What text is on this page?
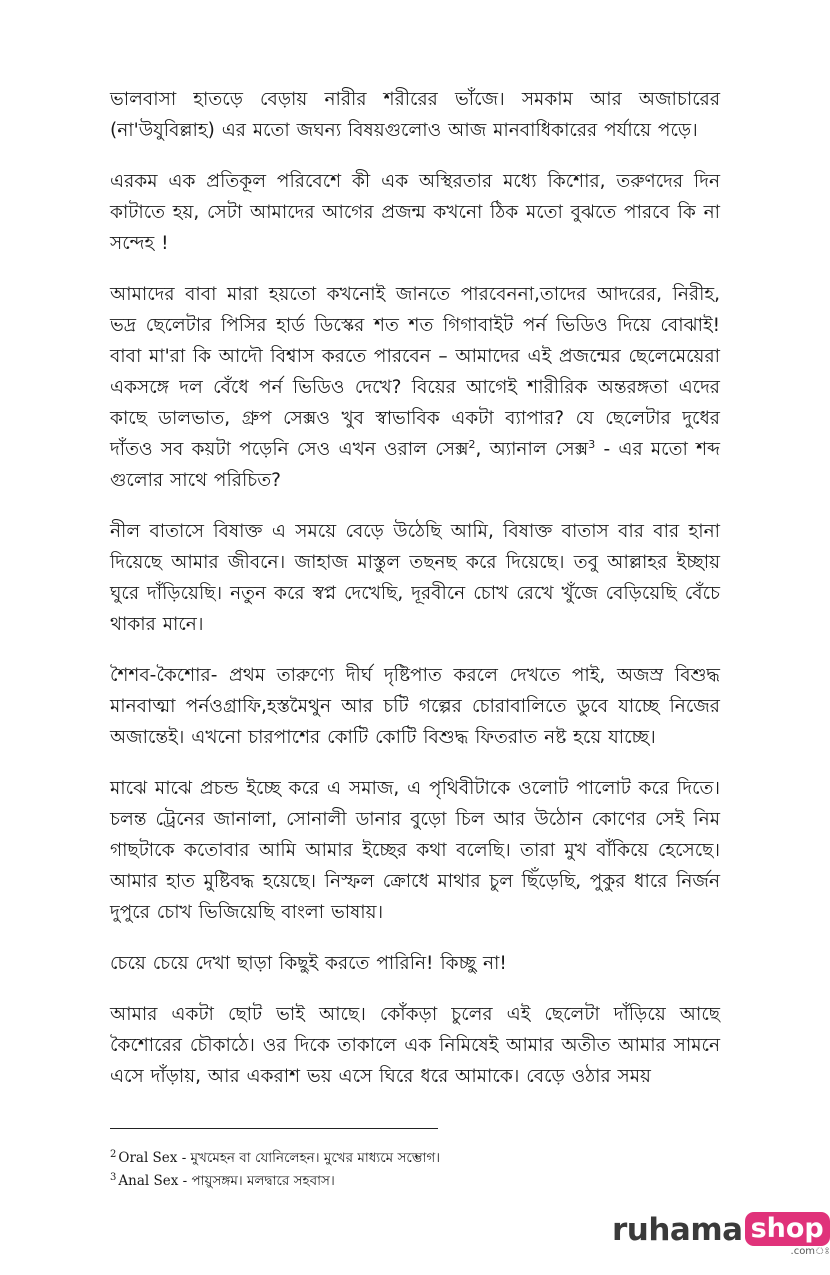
ভালবাসা হাতড়ে বেড়ায় নারীর শরীরের ভাঁজে। সমকাম আর অজাচারের (না'উযুবিল্লাহ) এর মতো জঘন্য বিষয়গুলোও আজ মানবাধিকারের পর্যায়ে পড়ে।

এরকম এক প্রতিকূল পরিবেশে কী এক অস্থিরতার মধ্যে কিশোর, তরুণদের দিন কাটাতে হয়, সেটা আমাদের আগের প্রজন্ম কখনো ঠিক মতো বুঝতে পারবে কি না সন্দেহ !

আমাদের বাবা মারা হয়তো কখনোই জানতে পারবেননা,তাদের আদরের, নিরীহ, ভদ্র ছেলেটার পিসির হার্ড ডিস্কের শত শত গিগাবাইট পর্ন ভিডিও দিয়ে বোঝাই! বাবা মা'রা কি আদৌ বিশ্বাস করতে পারবেন – আমাদের এই প্রজন্মের ছেলেমেয়েরা একসঙ্গে দল বেঁধে পর্ন ভিডিও দেখে? বিয়ের আগেই শারীরিক অন্তরঙ্গতা এদের কাছে ডালভাত, গ্রুপ সেক্সও খুব স্বাভাবিক একটা ব্যাপার? যে ছেলেটার দুধের দাঁতও সব কয়টা পড়েনি সেও এখন ওরাল সেক্স$^2$, অ্যানাল সেক্স$^3$ - এর মতো শব্দ গুলোর সাথে পরিচিত?

নীল বাতাসে বিষাক্ত এ সময়ে বেড়ে উঠেছি আমি, বিষাক্ত বাতাস বার বার হানা দিয়েছে আমার জীবনে। জাহাজ মাস্তুল তছনছ করে দিয়েছে। তবু আল্লাহর ইচ্ছায় ঘুরে দাঁড়িয়েছি। নতুন করে স্বপ্ন দেখেছি, দূরবীনে চোখ রেখে খুঁজে বেড়িয়েছি বেঁচে থাকার মানে।

শৈশব-কৈশোর- প্রথম তারুণ্যে দীর্ঘ দৃষ্টিপাত করলে দেখতে পাই, অজস্র বিশুদ্ধ মানবাত্মা পর্নওগ্রাফি,হস্তমৈথুন আর চটি গল্পের চোরাবালিতে ডুবে যাচ্ছে নিজের অজান্তেই। এখনো চারপাশের কোটি কোটি বিশুদ্ধ ফিতরাত নষ্ট হয়ে যাচ্ছে।

মাঝে মাঝে প্রচন্ড ইচ্ছে করে এ সমাজ, এ পৃথিবীটাকে ওলোট পালোট করে দিতে। চলন্ত ট্রেনের জানালা, সোনালী ডানার বুড়ো চিল আর উঠোন কোণের সেই নিম গাছটাকে কতোবার আমি আমার ইচ্ছের কথা বলেছি। তারা মুখ বাঁকিয়ে হেসেছে। আমার হাত মুষ্টিবদ্ধ হয়েছে। নিস্ফল ক্রোধে মাথার চুল ছিঁড়েছি, পুকুর ধারে নির্জন দুপুরে চোখ ভিজিয়েছি বাংলা ভাষায়।

চেয়ে চেয়ে দেখা ছাড়া কিছুই করতে পারিনি! কিচ্ছু না!

আমার একটা ছোট ভাই আছে। কোঁকড়া চুলের এই ছেলেটা দাঁড়িয়ে আছে কৈশোরের চৌকাঠে। ওর দিকে তাকালে এক নিমিষেই আমার অতীত আমার সামনে এসে দাঁড়ায়, আর একরাশ ভয় এসে ঘিরে ধরে আমাকে। বেড়ে ওঠার সময়

$^2$ Oral Sex - মুখমেহন বা যোনিলেহন। মুখের মাধ্যমে সম্ভোগ।

$^3$ Anal Sex - পায়ুসঙ্গম। মলদ্বারে সহবাস।

ruhama shop
.comঃ
